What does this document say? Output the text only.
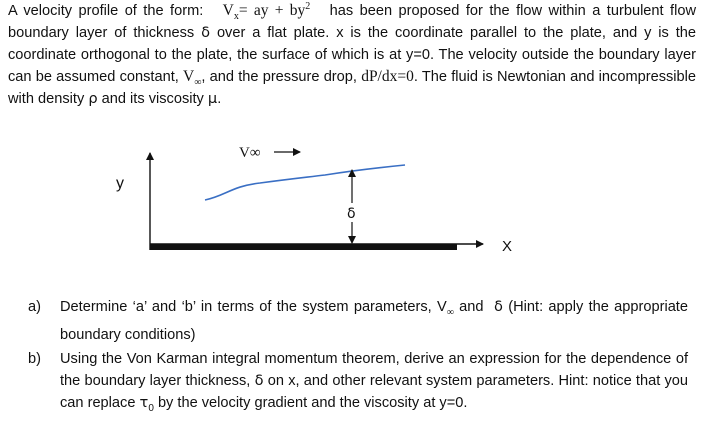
A velocity profile of the form: $V_x=$ ay + $by^2$ has been proposed for the flow within a turbulent flow boundary layer of thickness δ over a flat plate. x is the coordinate parallel to the plate, and y is the coordinate orthogonal to the plate, the surface of which is at y=0. The velocity outside the boundary layer can be assumed constant, $V_\infty$, and the pressure drop, dP/dx=0. The fluid is Newtonian and incompressible with density ρ and its viscosity μ.

y
X
V∞
δ
a) Determine ‘a’ and ‘b’ in terms of the system parameters, $V_\infty$ and δ (Hint: apply the appropriate boundary conditions)
b) Using the Von Karman integral momentum theorem, derive an expression for the dependence of the boundary layer thickness, δ on x, and other relevant system parameters. Hint: notice that you can replace $\tau_0$ by the velocity gradient and the viscosity at y=0.
